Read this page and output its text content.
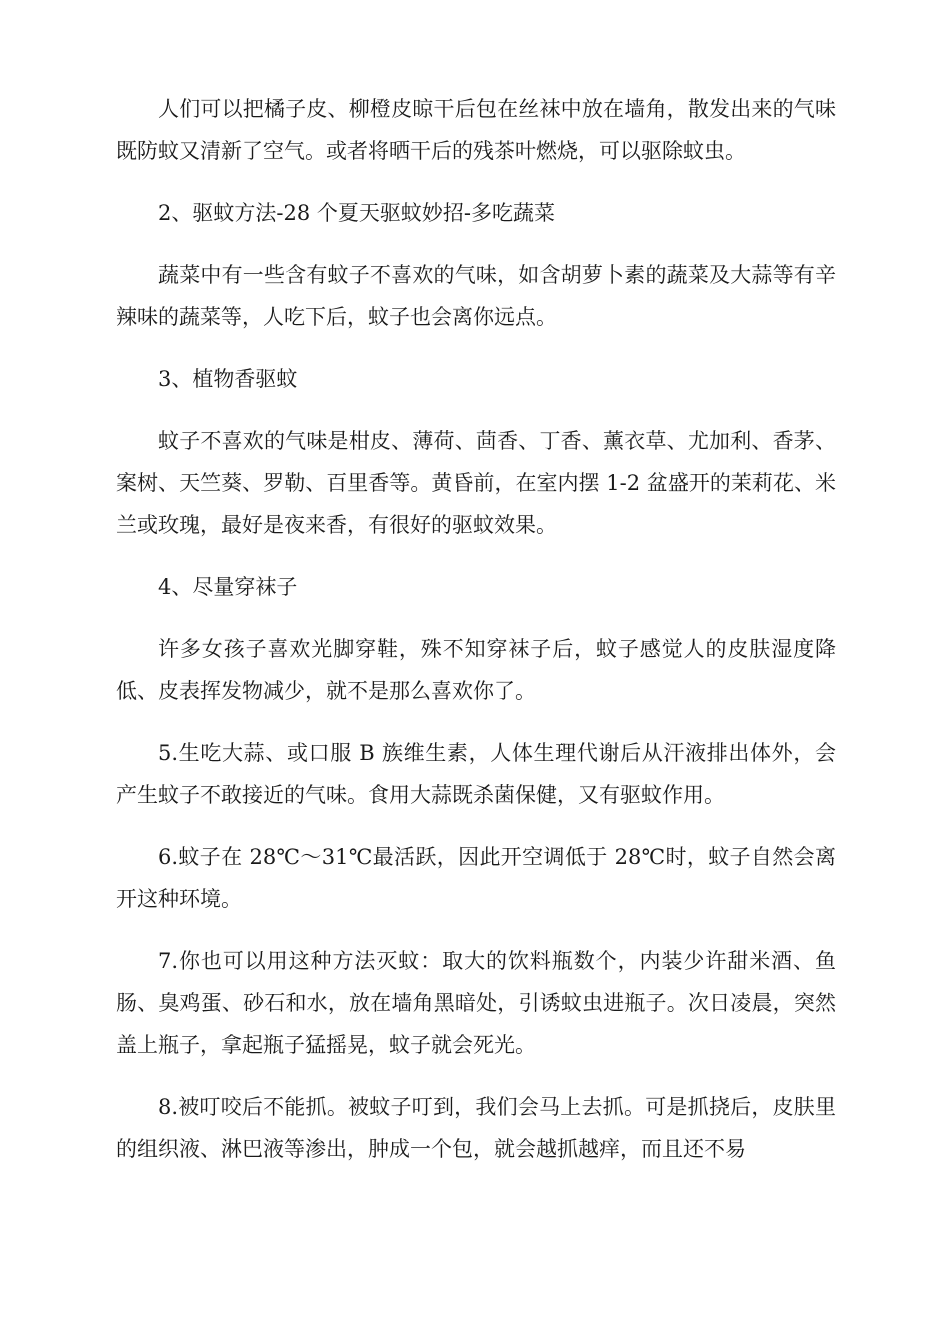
人们可以把橘子皮、柳橙皮晾干后包在丝袜中放在墙角，散发出来的气味既防蚊又清新了空气。或者将晒干后的残茶叶燃烧，可以驱除蚊虫。

2、驱蚊方法-28 个夏天驱蚊妙招-多吃蔬菜

蔬菜中有一些含有蚊子不喜欢的气味，如含胡萝卜素的蔬菜及大蒜等有辛辣味的蔬菜等，人吃下后，蚊子也会离你远点。

3、植物香驱蚊

蚊子不喜欢的气味是柑皮、薄荷、茴香、丁香、薰衣草、尤加利、香茅、案树、天竺葵、罗勒、百里香等。黄昏前，在室内摆 1-2 盆盛开的茉莉花、米兰或玫瑰，最好是夜来香，有很好的驱蚊效果。

4、尽量穿袜子

许多女孩子喜欢光脚穿鞋，殊不知穿袜子后，蚊子感觉人的皮肤湿度降低、皮表挥发物减少，就不是那么喜欢你了。

5.生吃大蒜、或口服 B 族维生素，人体生理代谢后从汗液排出体外，会产生蚊子不敢接近的气味。食用大蒜既杀菌保健，又有驱蚊作用。

6.蚊子在 28℃～31℃最活跃，因此开空调低于 28℃时，蚊子自然会离开这种环境。

7.你也可以用这种方法灭蚊：取大的饮料瓶数个，内装少许甜米酒、鱼肠、臭鸡蛋、砂石和水，放在墙角黑暗处，引诱蚊虫进瓶子。次日凌晨，突然盖上瓶子，拿起瓶子猛摇晃，蚊子就会死光。

8.被叮咬后不能抓。被蚊子叮到，我们会马上去抓。可是抓挠后，皮肤里的组织液、淋巴液等渗出，肿成一个包，就会越抓越痒，而且还不易
